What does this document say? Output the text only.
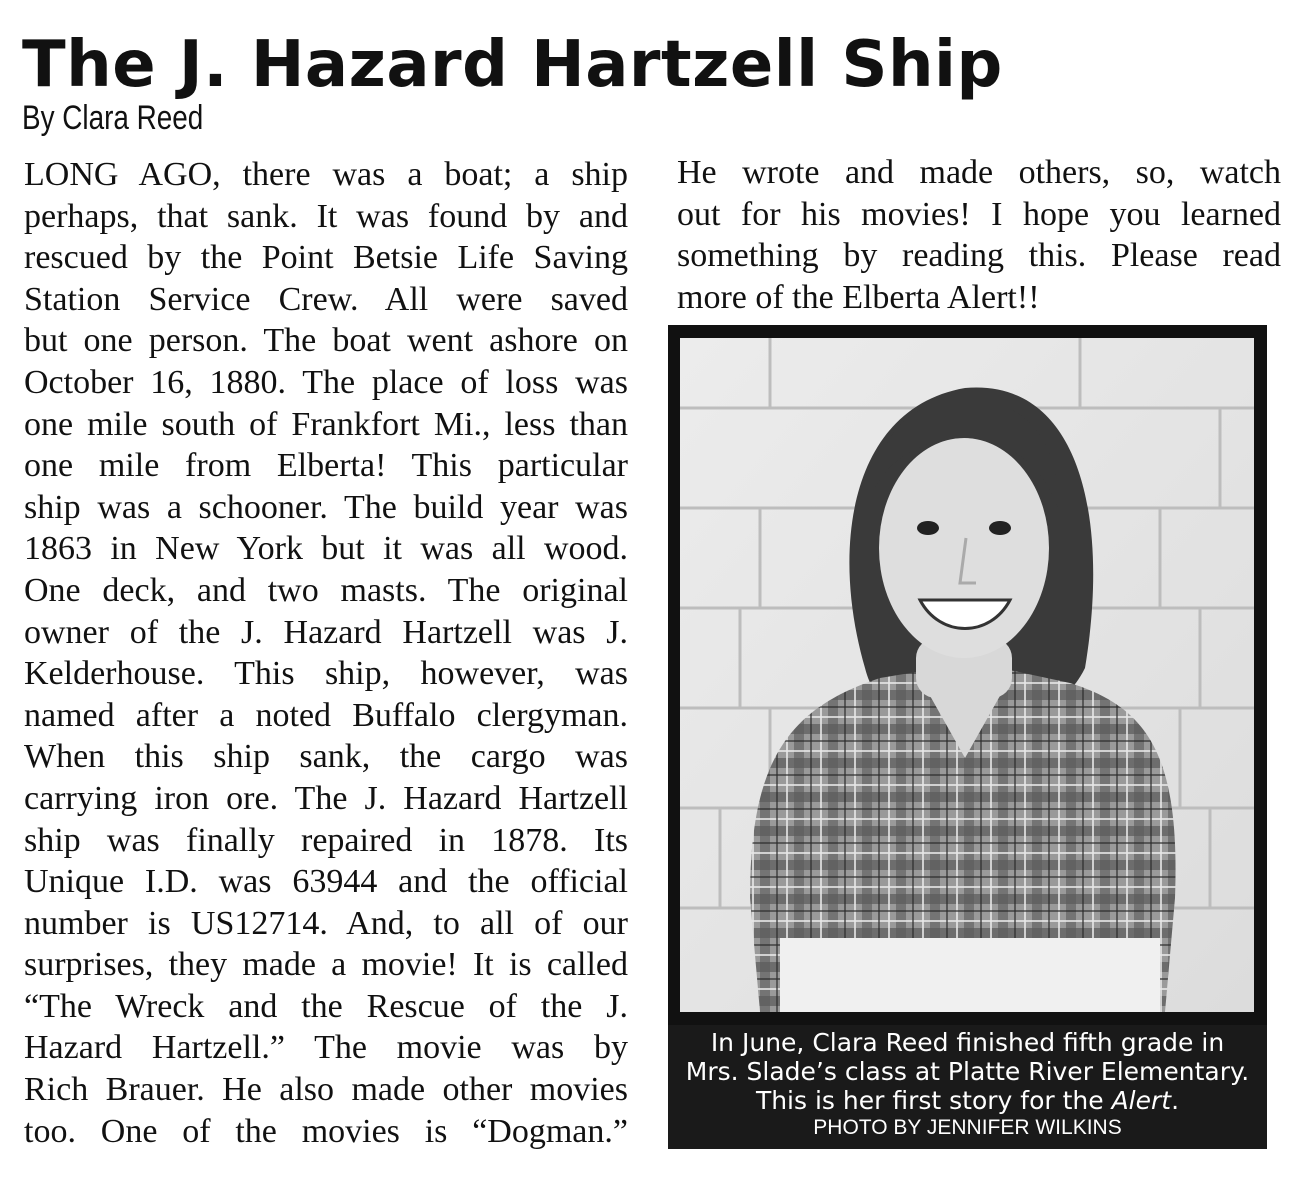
The J. Hazard Hartzell Ship
By Clara Reed
LONG AGO, there was a boat; a ship
perhaps, that sank. It was found by and
rescued by the Point Betsie Life Saving
Station Service Crew. All were saved
but one person. The boat went ashore on
October 16, 1880. The place of loss was
one mile south of Frankfort Mi., less than
one mile from Elberta! This particular
ship was a schooner. The build year was
1863 in New York but it was all wood.
One deck, and two masts. The original
owner of the J. Hazard Hartzell was J.
Kelderhouse. This ship, however, was
named after a noted Buffalo clergyman.
When this ship sank, the cargo was
carrying iron ore. The J. Hazard Hartzell
ship was finally repaired in 1878. Its
Unique I.D. was 63944 and the official
number is US12714. And, to all of our
surprises, they made a movie! It is called
“The Wreck and the Rescue of the J.
Hazard Hartzell.” The movie was by
Rich Brauer. He also made other movies
too. One of the movies is “Dogman.”
He wrote and made others, so, watch
out for his movies! I hope you learned
something by reading this. Please read
more of the Elberta Alert!!
In June, Clara Reed finished fifth grade in
Mrs. Slade’s class at Platte River Elementary.
This is her first story for the Alert.
PHOTO BY JENNIFER WILKINS
